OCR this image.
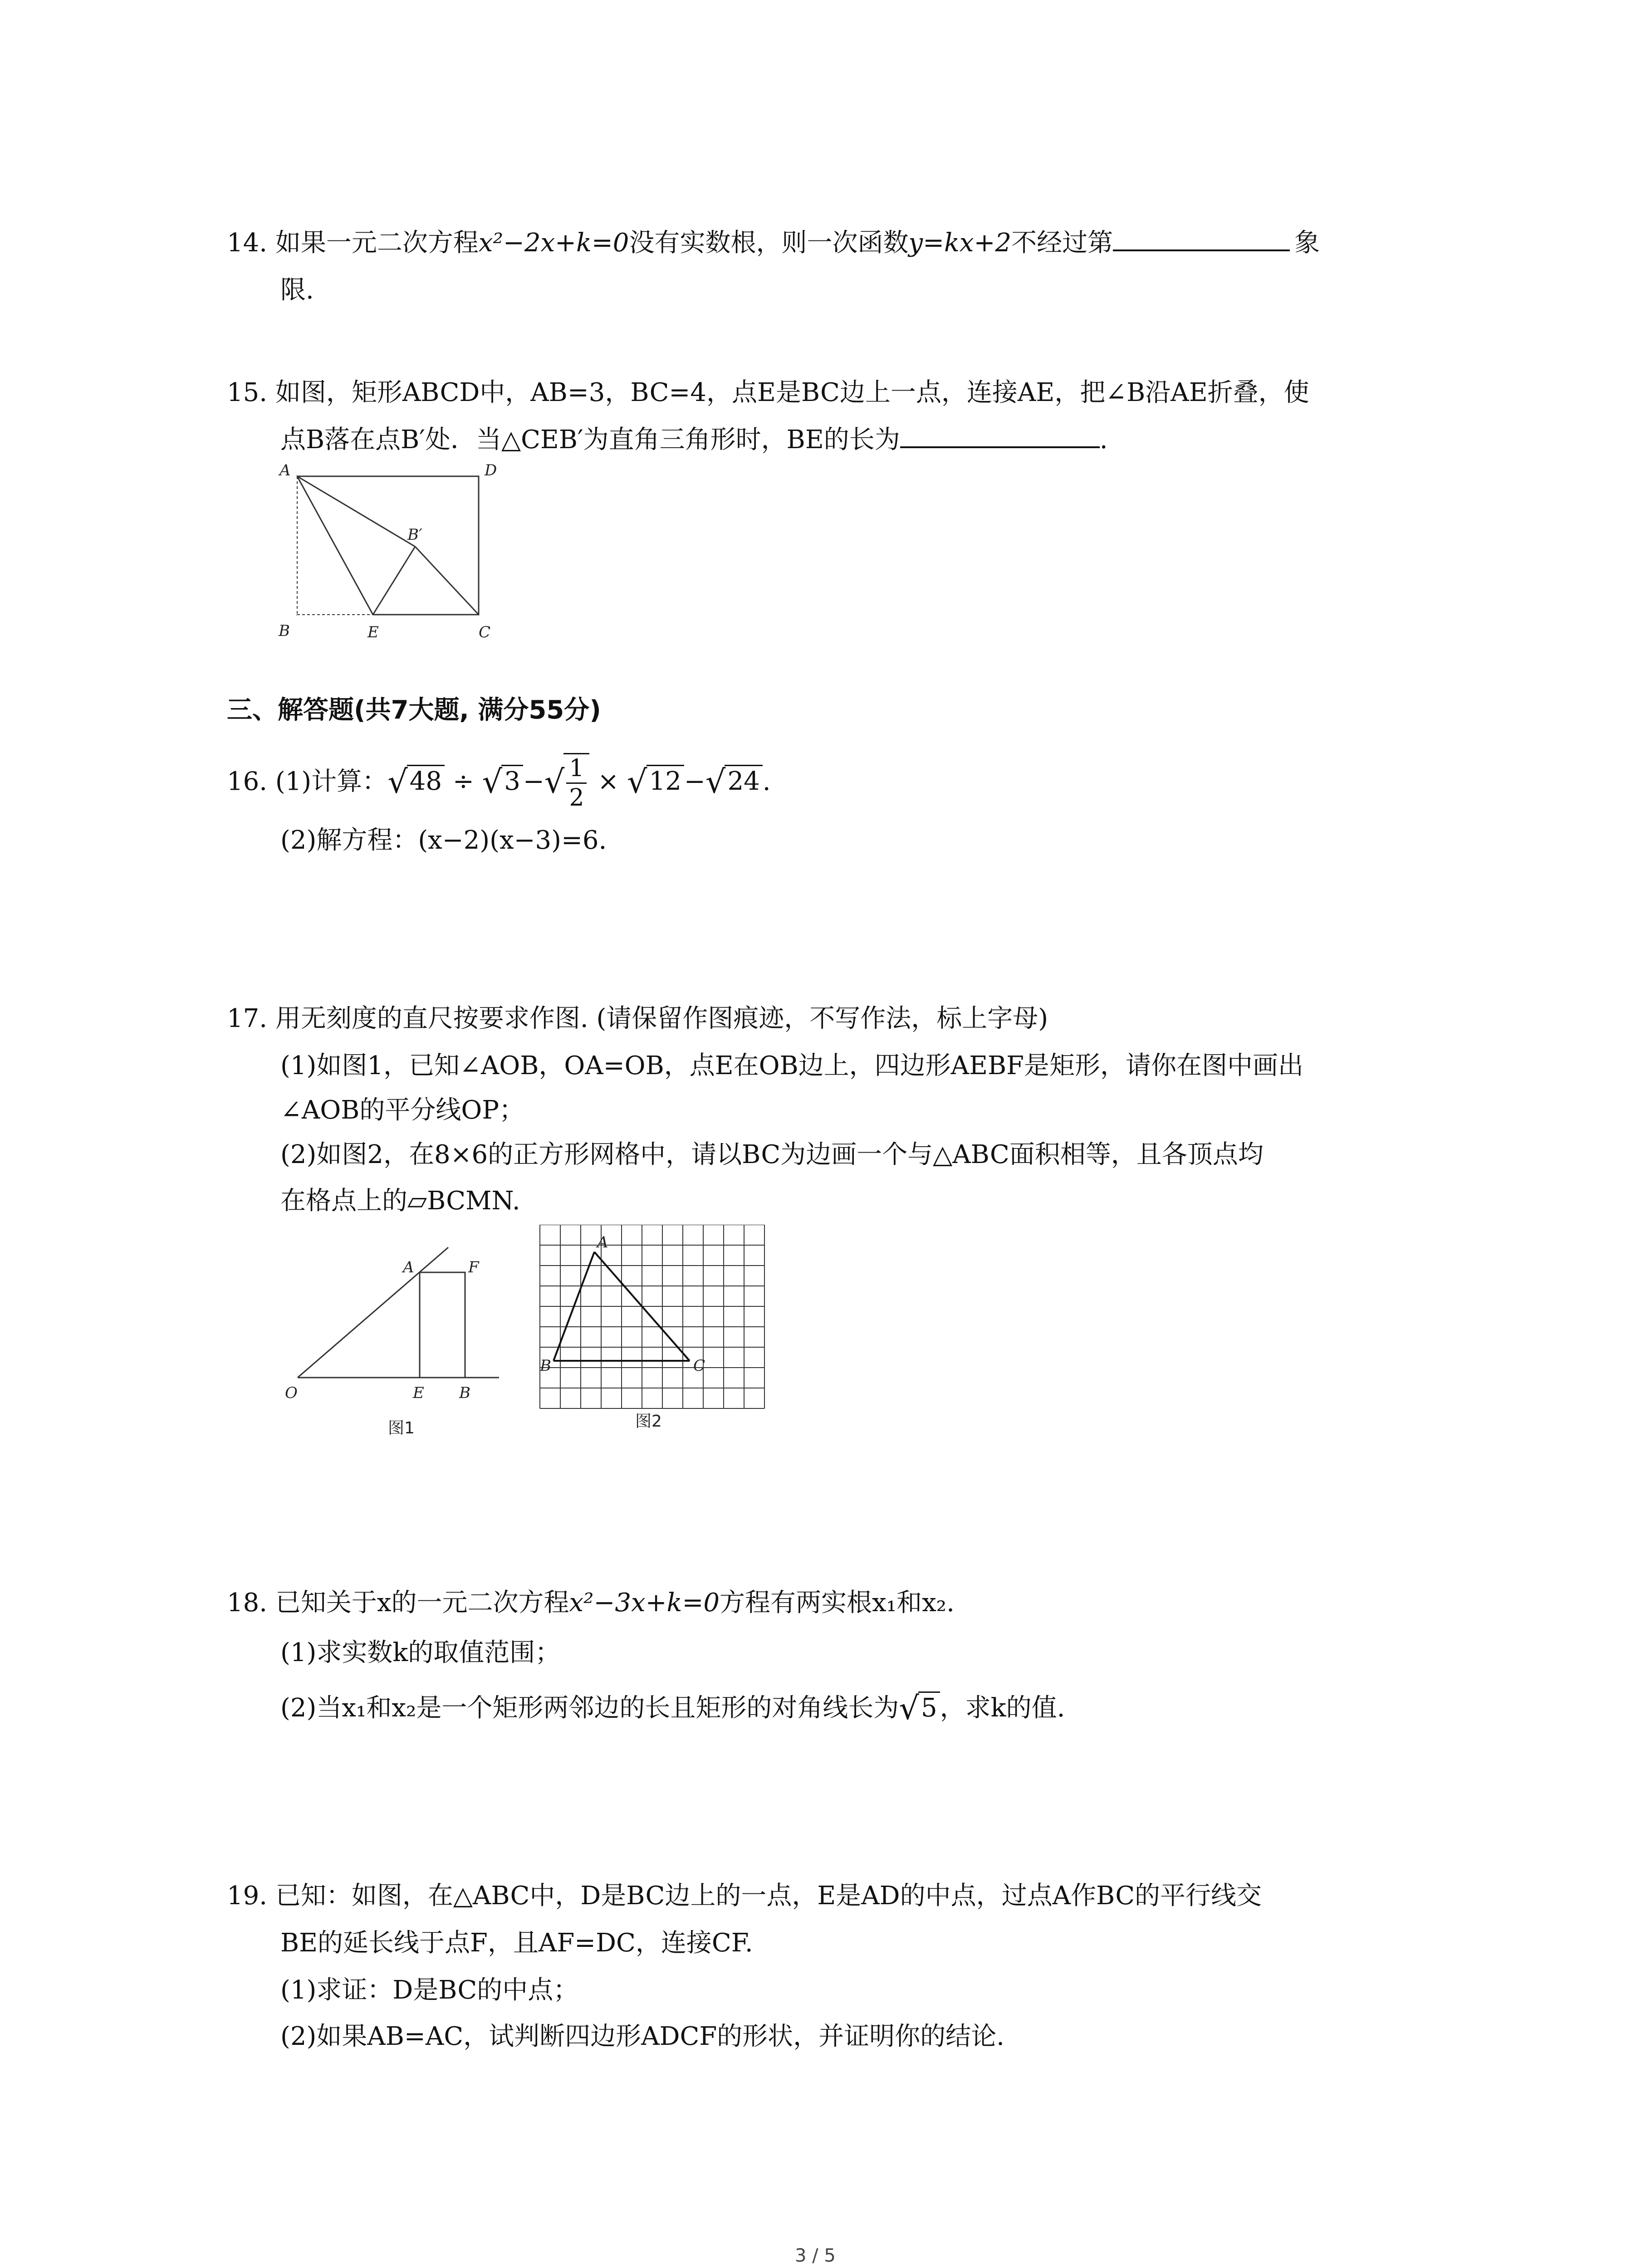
14. 如果一元二次方程x²−2x+k=0没有实数根，则一次函数y=kx+2不经过第	象
限.
15. 如图，矩形ABCD中，AB=3，BC=4，点E是BC边上一点，连接AE，把∠B沿AE折叠，使
点B落在点B′处．当△CEB′为直角三角形时，BE的长为	.
A	D
B′
B	E	C
三、解答题(共7大题, 满分55分)
16. (1)计算：√48 ÷ √3 −√ $\frac{1}{2} \times √12 -√24$ .
(2)解方程：(x−2)(x−3)=6.
17. 用无刻度的直尺按要求作图. (请保留作图痕迹，不写作法，标上字母)
(1)如图1，已知∠AOB，OA=OB，点E在OB边上，四边形AEBF是矩形，请你在图中画出
∠AOB的平分线OP；
(2)如图2，在8×6的正方形网格中，请以BC为边画一个与△ABC面积相等，且各顶点均
在格点上的▱BCMN.
A	F
O	E B
图1
A
B	C
图2
18. 已知关于x的一元二次方程x²−3x+k=0方程有两实根x₁和x₂.
(1)求实数k的取值范围；
(2)当x₁和x₂是一个矩形两邻边的长且矩形的对角线长为√5 ，求k的值.
19. 已知：如图，在△ABC中，D是BC边上的一点，E是AD的中点，过点A作BC的平行线交
BE的延长线于点F，且AF=DC，连接CF.
(1)求证：D是BC的中点；
(2)如果AB=AC，试判断四边形ADCF的形状，并证明你的结论.
3 / 5
